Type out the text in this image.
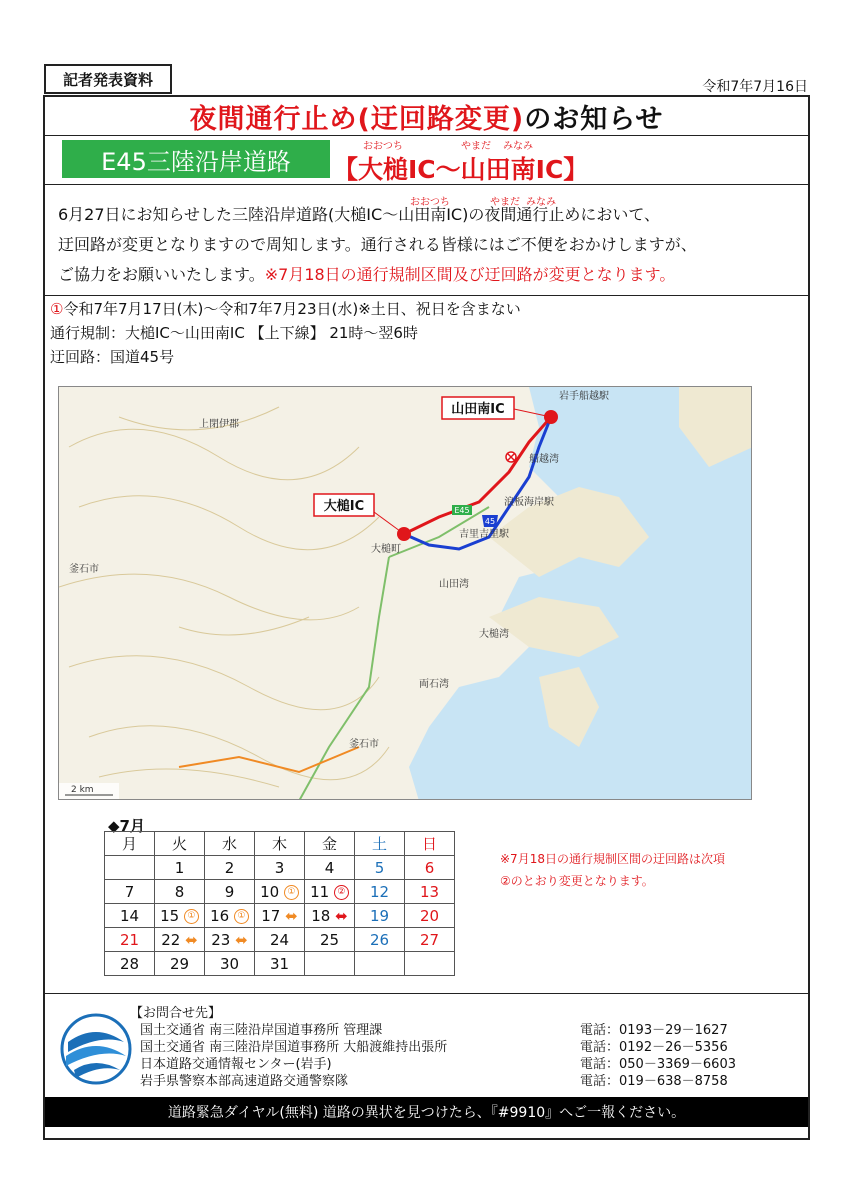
記者発表資料	令和7年7月16日
夜間通行止め(迂回路変更)のお知らせ
E45三陸沿岸道路
おおつち	やまだ みなみ
【大槌IC～山田南IC】
おおつち	やまだ みなみ

6月27日にお知らせした三陸沿岸道路(大槌IC～山田南IC)の夜間通行止めにおいて、

迂回路が変更となりますので周知します。通行される皆様にはご不便をおかけしますが、

ご協力をお願いいたします。※7月18日の通行規制区間及び迂回路が変更となります。

①令和7年7月17日(木)～令和7年7月23日(水)※土日、祝日を含まない
通行規制：大槌IC～山田南IC 【上下線】 21時～翌6時
迂回路：国道45号
山田南IC
大槌IC	E45
45
上閉伊郡
大槌町
釜石市
釜石市
山田湾
船越湾
大槌湾
両石湾
吉里吉里駅
浪板海岸駅
岩手船越駅
2 km
◆7月
月	火	水	木	金	土	日
	1	2	3	4	5	6
7	8	9	10 ①	11 ②	12	13
14	15 ①	16 ①	17 ⬌	18 ⬌	19	20
21	22 ⬌	23 ⬌	24	25	26	27
28	29	30	31			
※7月18日の通行規制区間の迂回路は次項
②のとおり変更となります。
【お問合せ先】
国土交通省 南三陸沿岸国道事務所 管理課	電話：0193－29－1627
国土交通省 南三陸沿岸国道事務所 大船渡維持出張所	電話：0192－26－5356
日本道路交通情報センター(岩手)	電話：050－3369－6603
岩手県警察本部高速道路交通警察隊	電話：019－638－8758
道路緊急ダイヤル(無料) 道路の異状を見つけたら、『#9910』へご一報ください。
